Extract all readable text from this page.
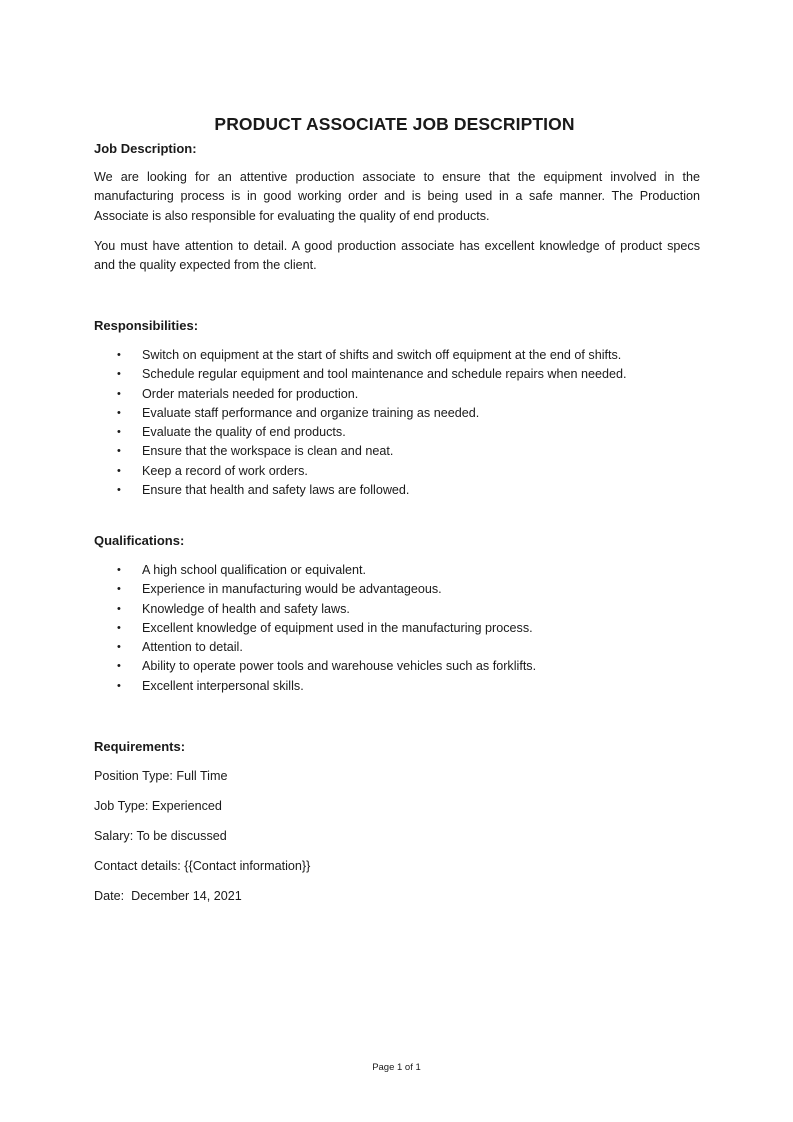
PRODUCT ASSOCIATE JOB DESCRIPTION
Job Description:
We are looking for an attentive production associate to ensure that the equipment involved in the manufacturing process is in good working order and is being used in a safe manner. The Production Associate is also responsible for evaluating the quality of end products.
You must have attention to detail. A good production associate has excellent knowledge of product specs and the quality expected from the client.
Responsibilities:
• Switch on equipment at the start of shifts and switch off equipment at the end of shifts.
• Schedule regular equipment and tool maintenance and schedule repairs when needed.
• Order materials needed for production.
• Evaluate staff performance and organize training as needed.
• Evaluate the quality of end products.
• Ensure that the workspace is clean and neat.
• Keep a record of work orders.
• Ensure that health and safety laws are followed.
Qualifications:
• A high school qualification or equivalent.
• Experience in manufacturing would be advantageous.
• Knowledge of health and safety laws.
• Excellent knowledge of equipment used in the manufacturing process.
• Attention to detail.
• Ability to operate power tools and warehouse vehicles such as forklifts.
• Excellent interpersonal skills.
Requirements:
Position Type: Full Time
Job Type: Experienced
Salary: To be discussed
Contact details: {{Contact information}}
Date:  December 14, 2021
Page 1 of 1
